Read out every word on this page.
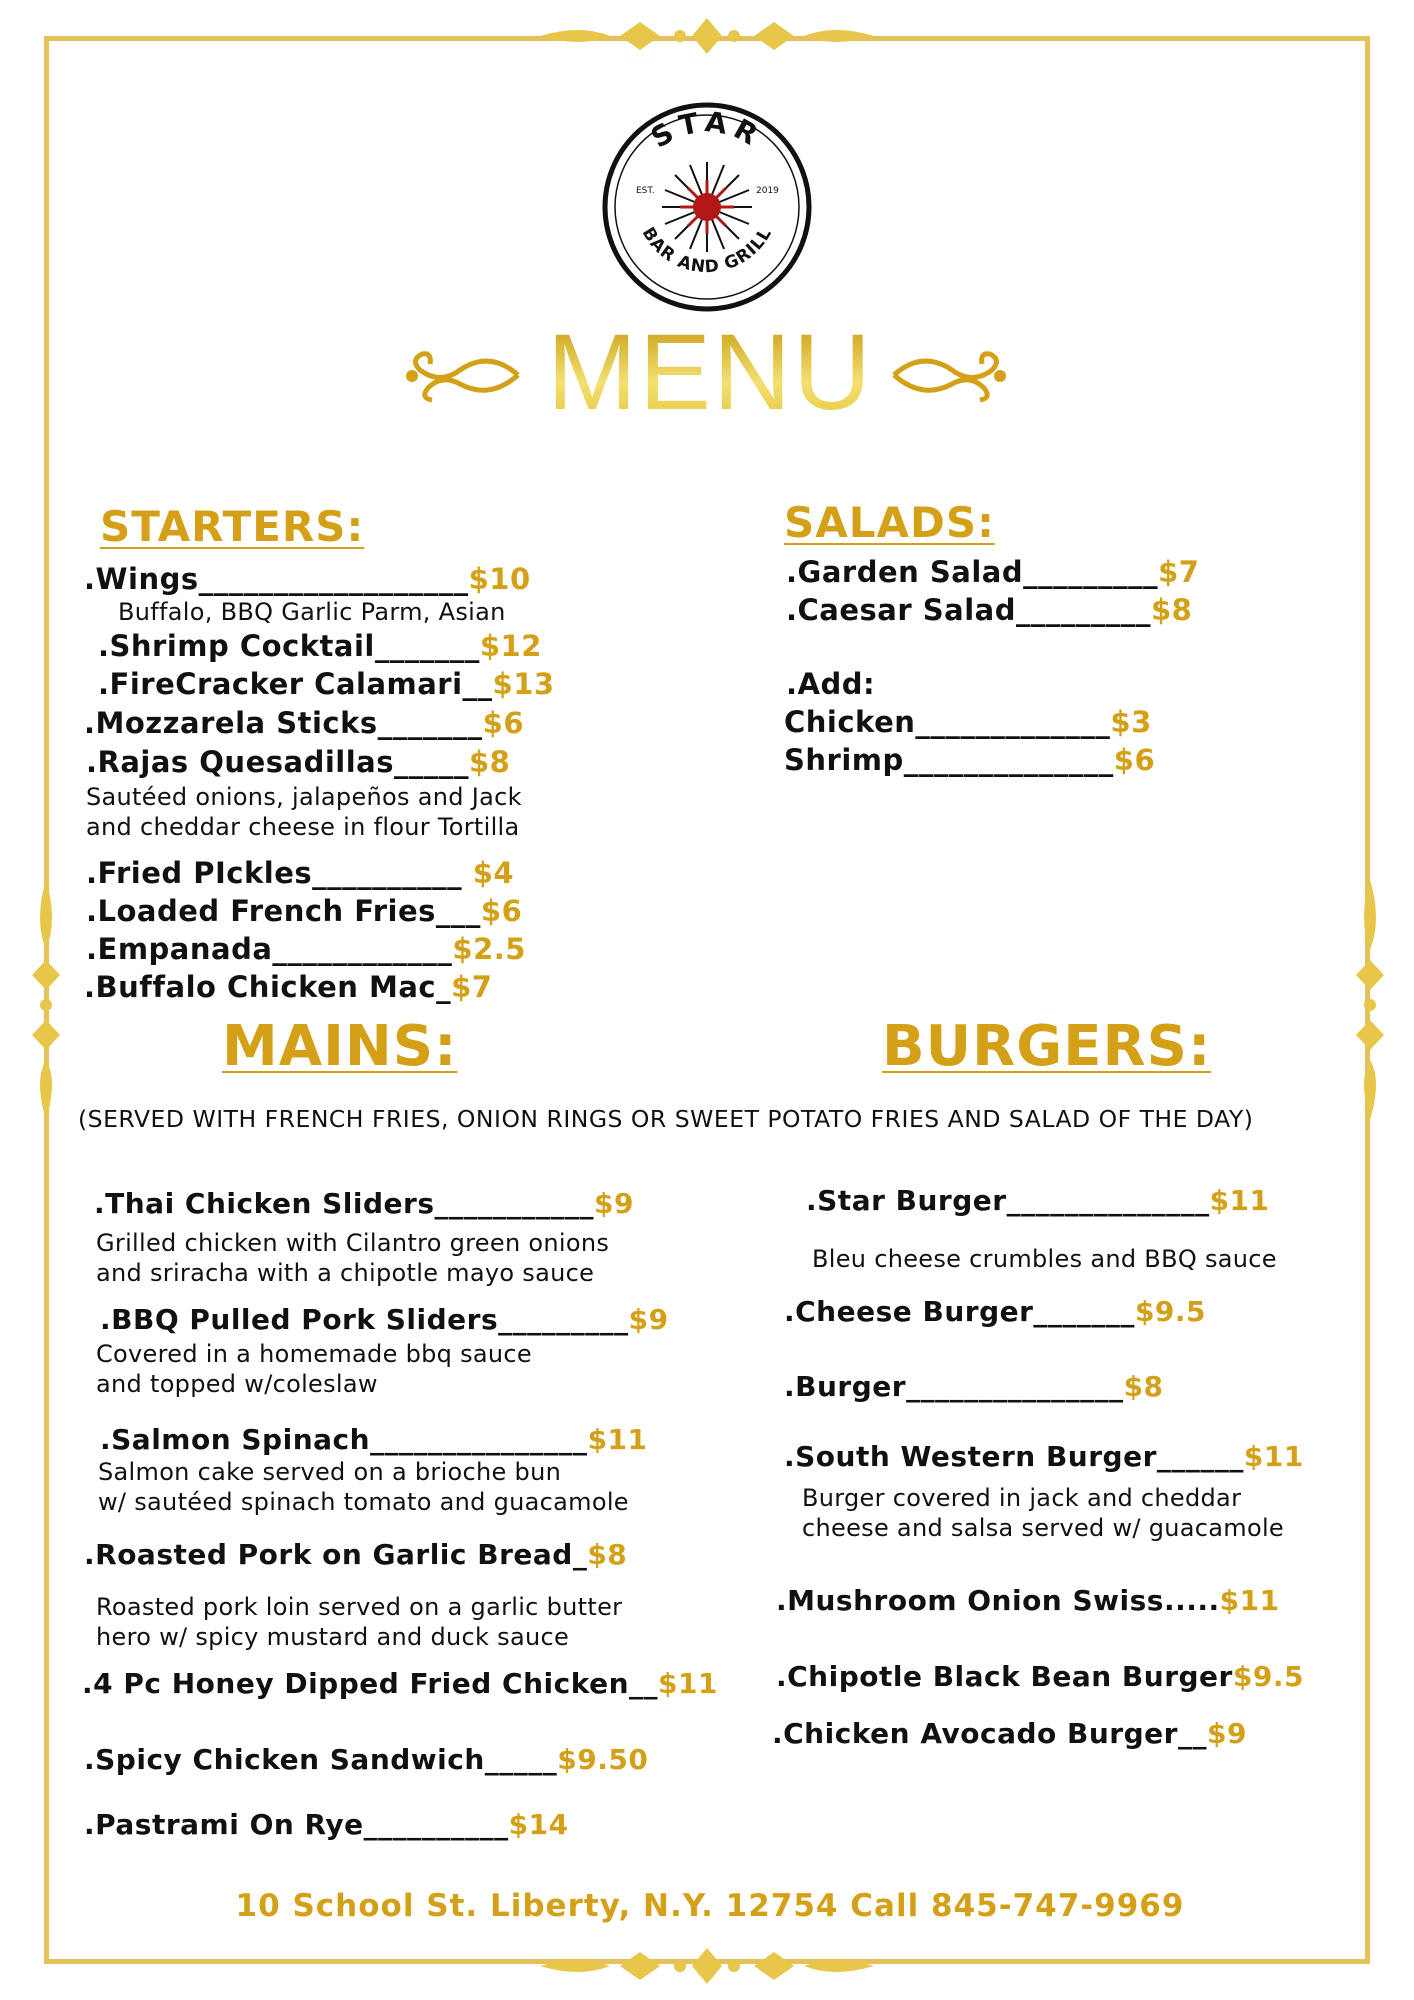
STAR
BAR AND GRILL
EST.	2019
MENU
STARTERS:
.Wings__________________$10
Buffalo, BBQ Garlic Parm, Asian
.Shrimp Cocktail_______$12
.FireCracker Calamari__$13
.Mozzarela Sticks_______$6
.Rajas Quesadillas_____$8
Sautéed onions, jalapeños and Jack
and cheddar cheese in flour Tortilla
.Fried PIckles__________ $4
.Loaded French Fries___$6
.Empanada____________$2.5
.Buffalo Chicken Mac_$7
SALADS:
.Garden Salad_________$7
.Caesar Salad_________$8
.Add:
Chicken_____________$3
Shrimp______________$6
MAINS:	BURGERS:
(SERVED WITH FRENCH FRIES, ONION RINGS OR SWEET POTATO FRIES AND SALAD OF THE DAY)
.Thai Chicken Sliders___________$9
Grilled chicken with Cilantro green onions
and sriracha with a chipotle mayo sauce
.BBQ Pulled Pork Sliders_________$9
Covered in a homemade bbq sauce
and topped w/coleslaw
.Salmon Spinach_______________$11
Salmon cake served on a brioche bun
w/ sautéed spinach tomato and guacamole
.Roasted Pork on Garlic Bread_$8
Roasted pork loin served on a garlic butter
hero w/ spicy mustard and duck sauce
.4 Pc Honey Dipped Fried Chicken__$11
.Spicy Chicken Sandwich_____$9.50
.Pastrami On Rye__________$14
.Star Burger______________$11
Bleu cheese crumbles and BBQ sauce
.Cheese Burger_______$9.5
.Burger_______________$8
.South Western Burger______$11
Burger covered in jack and cheddar
cheese and salsa served w/ guacamole
.Mushroom Onion Swiss.....$11
.Chipotle Black Bean Burger$9.5
.Chicken Avocado Burger__$9
10 School St. Liberty, N.Y. 12754 Call 845-747-9969
